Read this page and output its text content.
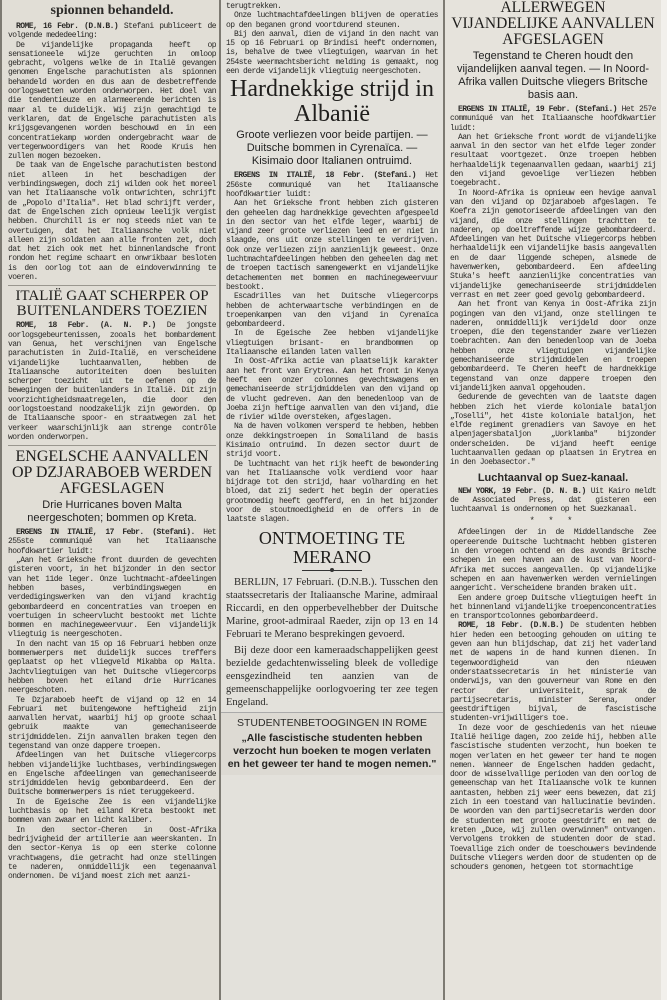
spionnen behandeld.

ROME, 16 Febr. (D.N.B.) Stefani publiceert de volgende mededeeling:

De vijandelijke propaganda heeft op sensationeele wijze geruchten in omloop gebracht, volgens welke de in Italië gevangen genomen Engelsche parachutisten als spionnen behandeld worden en dus aan de desbetreffende oorlogswetten worden onderworpen. Het doel van die tendentieuze en alarmeerende berichten is maar al te duidelijk. Wij zijn gemachtigd te verklaren, dat de Engelsche parachutisten als krijgsgevangenen worden beschouwd en in een concentratiekamp worden ondergebracht waar de vertegenwoordigers van het Roode Kruis hen zullen mogen bezoeken.

De taak van de Engelsche parachutisten bestond niet alleen in het beschadigen der verbindingswegen, doch zij wilden ook het moreel van het Italiaansche volk ontwrichten, schrijft de „Popolo d'Italia". Het blad schrijft verder, dat de Engelschen zich opnieuw leelijk vergist hebben. Churchill is er nog steeds niet van te overtuigen, dat het Italiaansche volk niet alleen zijn soldaten aan alle fronten zet, doch dat het zich ook met het binnenlandsche front rondom het regime schaart en onwrikbaar besloten is den oorlog tot aan de eindoverwinning te voeren.

ITALIË GAAT SCHERPER OP BUITENLANDERS TOEZIEN

ROME, 18 Febr. (A. N. P.) De jongste oorlogsgebeurtenissen, zooals het bombardement van Genua, het verschijnen van Engelsche parachutisten in Zuid-Italië, en verscheidene vijandelijke luchtaanvallen, hebben de Italiaansche autoriteiten doen besluiten scherper toezicht uit te oefenen op de bewegingen der buitenlanders in Italië. Dit zijn voorzichtigheidsmaatregelen, die door den oorlogstoestand noodzakelijk zijn geworden. Op de Italiaansche spoor- en straatwegen zal het verkeer waarschijnlijk aan strenge contrôle worden onderworpen.

ENGELSCHE AANVALLEN OP DZJARABOEB WERDEN AFGESLAGEN
Drie Hurricanes boven Malta neergeschoten; bommen op Kreta.

ERGENS IN ITALIË, 17 Febr. (Stefani). Het 255ste communiqué van het Italiaansche hoofdkwartier luidt:

„Aan het Grieksche front duurden de gevechten gisteren voort, in het bijzonder in den sector van het 11de leger. Onze luchtmacht-afdeelingen hebben bases, verbindingswegen en verdedigingswerken van den vijand krachtig gebombardeerd en concentraties van troepen en voertuigen in scheervlucht bestookt met lichte bommen en machinegeweervuur. Een vijandelijk vliegtuig is neergeschoten.

In den nacht van 15 op 16 Februari hebben onze bommenwerpers met duidelijk succes treffers geplaatst op het vliegveld Mikabba op Malta. Jachtvliegtuigen van het Duitsche vliegercorps hebben boven het eiland drie Hurricanes neergeschoten.

Te Dzjaraboeb heeft de vijand op 12 en 14 Februari met buitengewone heftigheid zijn aanvallen hervat, waarbij hij op groote schaal gebruik maakte van gemechaniseerde strijdmiddelen. Zijn aanvallen braken tegen den tegenstand van onze dappere troepen.

Afdeelingen van het Duitsche vliegercorps hebben vijandelijke luchtbases, verbindingswegen en Engelsche afdeelingen van gemechaniseerde strijdmiddelen hevig gebombardeerd. Een der Duitsche bommenwerpers is niet teruggekeerd.

In de Egeische Zee is een vijandelijke luchtbasis op het eiland Kreta bestookt met bommen van zwaar en licht kaliber.

In den sector-Cheren in Oost-Afrika bedrijvigheid der artillerie aan weerskanten. In den sector-Kenya is op een sterke colonne vrachtwagens, die getracht had onze stellingen te naderen, onmiddellijk een tegenaanval ondernomen. De vijand moest zich met aanzi-

terugtrekken.

Onze luchtmachtafdeelingen blijven de operaties op den beganen grond voortdurend steunen.

Bij den aanval, dien de vijand in den nacht van 15 op 16 Februari op Brindisi heeft ondernomen, is, behalve de twee vliegtuigen, waarvan in het 254ste weermachtsbericht melding is gemaakt, nog een derde vijandelijk vliegtuig neergeschoten.

Hardnekkige strijd in Albanië
Groote verliezen voor beide partijen. — Duitsche bommen in Cyrenaïca. — Kisimaio door Italianen ontruimd.

ERGENS IN ITALIË, 18 Febr. (Stefani.) Het 256ste communiqué van het Italiaansche hoofdkwartier luidt:

Aan het Grieksche front hebben zich gisteren den geheelen dag hardnekkige gevechten afgespeeld in den sector van het elfde leger, waarbij de vijand zeer groote verliezen leed en er niet in slaagde, ons uit onze stellingen te verdrijven. Ook onze verliezen zijn aanzienlijk geweest. Onze luchtmachtafdeelingen hebben den geheelen dag met de troepen tactisch samengewerkt en vijandelijke detachementen met bommen en machinegeweervuur bestookt.

Escadrilles van het Duitsche vliegercorps hebben de achterwaartsche verbindingen en de troepenkampen van den vijand in Cyrenaïca gebombardeerd.

In de Egeische Zee hebben vijandelijke vliegtuigen brisant- en brandbommen op Italiaansche eilanden laten vallen

In Oost-Afrika actie van plaatselijk karakter aan het front van Erytrea. Aan het front in Kenya heeft een onzer colonnes gevechtswagens en gemechaniseerde strijdmiddelen van den vijand op de vlucht gedreven. Aan den benedenloop van de Joeba zijn heftige aanvallen van den vijand, die de rivier wilde oversteken, afgeslagen.

Na de haven volkomen versperd te hebben, hebben onze dekkingstroepen in Somaliland de basis Kisimaio ontruimd. In dezen sector duurt de strijd voort.

De luchtmacht van het rijk heeft de bewondering van het Italiaansche volk verdiend voor haar bijdrage tot den strijd, haar volharding en het bloed, dat zij sedert het begin der operaties grootmoedig heeft geofferd, en in het bijzonder voor de stoutmoedigheid en de offers in de laatste slagen.

ONTMOETING TE MERANO

BERLIJN, 17 Februari. (D.N.B.). Tusschen den staatssecretaris der Italiaansche Marine, admiraal Riccardi, en den opperbevelhebber der Duitsche Marine, groot-admiraal Raeder, zijn op 13 en 14 Februari te Merano besprekingen gevoerd.

Bij deze door een kameraadschappelijken geest bezielde gedachtenwisseling bleek de volledige eensgezindheid ten aanzien van de gemeenschappelijke oorlogvoering ter zee tegen Engeland.

STUDENTENBETOOGINGEN IN ROME
„Alle fascistische studenten hebben verzocht hun boeken te mogen verlaten en het geweer ter hand te mogen nemen."
ALLERWEGEN VIJANDELIJKE AANVALLEN AFGESLAGEN
Tegenstand te Cheren houdt den vijandelijken aanval tegen. — In Noord-Afrika vallen Duitsche vliegers Britsche basis aan.

ERGENS IN ITALIË, 19 Febr. (Stefani.) Het 257e communiqué van het Italiaansche hoofdkwartier luidt:

Aan het Grieksche front wordt de vijandelijke aanval in den sector van het elfde leger zonder resultaat voortgezet. Onze troepen hebben herhaaldelijk tegenaanvallen gedaan, waarbij zij den vijand gevoelige verliezen hebben toegebracht.

In Noord-Afrika is opnieuw een hevige aanval van den vijand op Dzjaraboeb afgeslagen. Te Koefra zijn gemotoriseerde afdeelingen van den vijand, die onze stellingen trachtten te naderen, op doeltreffende wijze gebombardeerd. Afdeelingen van het Duitsche vliegercorps hebben herhaaldelijk een vijandelijke basis aangevallen en de daar liggende schepen, alsmede de havenwerken, gebombardeerd. Een afdeeling Stuka's heeft aanzienlijke concentraties van vijandelijke gemechaniseerde strijdmiddelen verrast en met zeer goed gevolg gebombardeerd.

Aan het front van Kenya in Oost-Afrika zijn pogingen van den vijand, onze stellingen te naderen, onmiddellijk verijdeld door onze troepen, die den tegenstander zware verliezen toebrachten. Aan den benedenloop van de Joeba hebben onze vliegtuigen vijandelijke gemechaniseerde strijdmiddelen en troepen gebombardeerd. Te Cheren heeft de hardnekkige tegenstand van onze dappere troepen den vijandelijken aanval opgehouden.

Gedurende de gevechten van de laatste dagen hebben zich het vierde koloniale bataljon „Toselli", het 41ste koloniale bataljon, het elfde regiment grenadiers van Savoye en het alpenjagersbataljon „Uorklamba" bijzonder onderscheiden. De vijand heeft eenige luchtaanvallen gedaan op plaatsen in Erytrea en in den Joebasector."

Luchtaanval op Suez-kanaal.

NEW YORK, 19 Febr. (D. N. B.) Uit Kairo meldt de Associated Press, dat gisteren een luchtaanval is ondernomen op het Suezkanaal.

* * *

Afdeelingen der in de Middellandsche Zee opereerende Duitsche luchtmacht hebben gisteren in den vroegen ochtend en des avonds Britsche schepen in een haven aan de kust van Noord-Afrika met succes aangevallen. Op vijandelijke schepen en aan havenwerken werden vernielingen aangericht. Verscheidene branden braken uit.

Een andere groep Duitsche vliegtuigen heeft in het binnenland vijandelijke troepenconcentraties en transportcolonnes gebombardeerd.

ROME, 18 Febr. (D.N.B.) De studenten hebben hier heden een betooging gehouden om uiting te geven aan hun blijdschap, dat zij het vaderland met de wapens in de hand kunnen dienen. In tegenwoordigheid van den nieuwen onderstaatssecretaris in het ministerie van onderwijs, van den gouverneur van Rome en den rector der universiteit, sprak de partijsecretaris, minister Serena, onder geestdriftigen bijval, de fascistische studenten-vrijwilligers toe.

In deze voor de geschiedenis van het nieuwe Italië heilige dagen, zoo zeide hij, hebben alle fascistische studenten verzocht, hun boeken te mogen verlaten en het geweer ter hand te mogen nemen. Wanneer de Engelschen hadden gedacht, door de wisselvallige perioden van den oorlog de gemeenschap van het Italiaansche volk te kunnen aantasten, hebben zij weer eens bewezen, dat zij zich in een toestand van hallucinatie bevinden. De woorden van den partijsecretaris werden door de studenten met groote geestdrift en met de kreten „Duce, wij zullen overwinnen" ontvangen. Vervolgens trokken de studenten door de stad. Toevallige zich onder de toeschouwers bevindende Duitsche vliegers werden door de studenten op de schouders genomen, hetgeen tot stormachtige
